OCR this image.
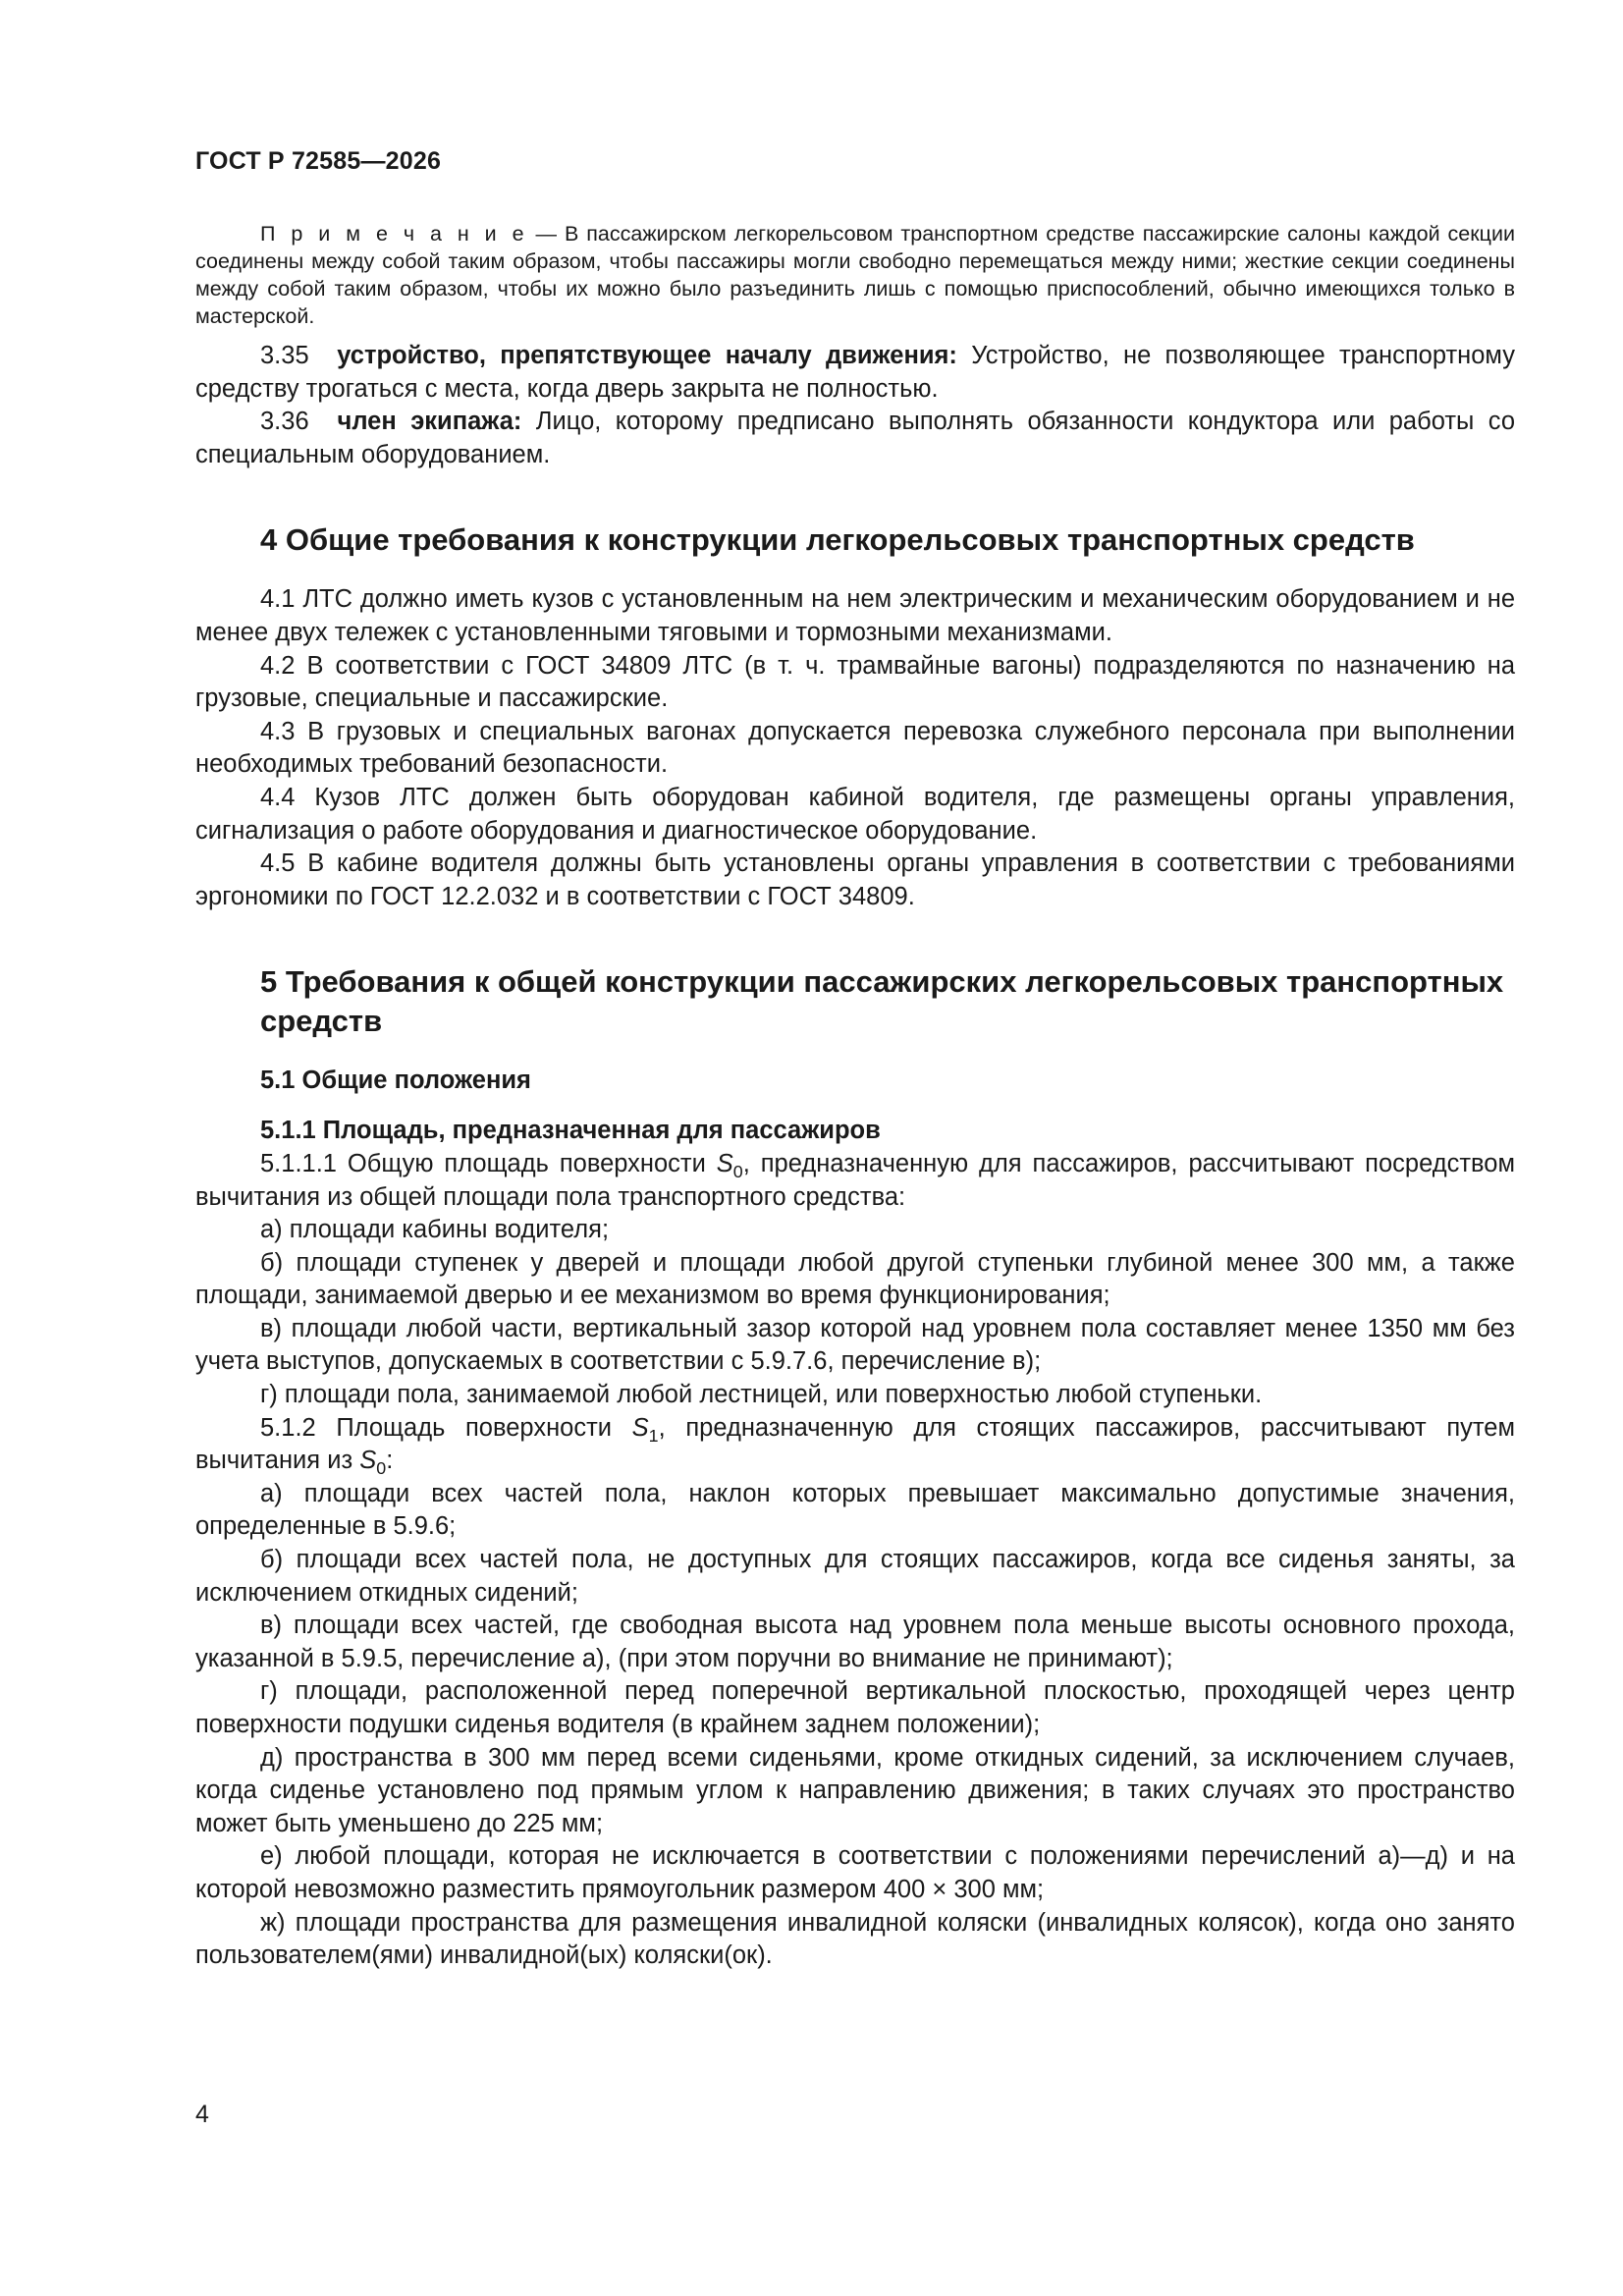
ГОСТ Р 72585—2026

П р и м е ч а н и е — В пассажирском легкорельсовом транспортном средстве пассажирские салоны каждой секции соединены между собой таким образом, чтобы пассажиры могли свободно перемещаться между ними; жесткие секции соединены между собой таким образом, чтобы их можно было разъединить лишь с помощью приспособлений, обычно имеющихся только в мастерской.

3.35 устройство, препятствующее началу движения: Устройство, не позволяющее транспортному средству трогаться с места, когда дверь закрыта не полностью.

3.36 член экипажа: Лицо, которому предписано выполнять обязанности кондуктора или работы со специальным оборудованием.

4 Общие требования к конструкции легкорельсовых транспортных средств

4.1 ЛТС должно иметь кузов с установленным на нем электрическим и механическим оборудованием и не менее двух тележек с установленными тяговыми и тормозными механизмами.

4.2 В соответствии с ГОСТ 34809 ЛТС (в т. ч. трамвайные вагоны) подразделяются по назначению на грузовые, специальные и пассажирские.

4.3 В грузовых и специальных вагонах допускается перевозка служебного персонала при выполнении необходимых требований безопасности.

4.4 Кузов ЛТС должен быть оборудован кабиной водителя, где размещены органы управления, сигнализация о работе оборудования и диагностическое оборудование.

4.5 В кабине водителя должны быть установлены органы управления в соответствии с требованиями эргономики по ГОСТ 12.2.032 и в соответствии с ГОСТ 34809.

5 Требования к общей конструкции пассажирских легкорельсовых транспортных средств
5.1 Общие положения
5.1.1 Площадь, предназначенная для пассажиров

5.1.1.1 Общую площадь поверхности $S_0$, предназначенную для пассажиров, рассчитывают посредством вычитания из общей площади пола транспортного средства:

а) площади кабины водителя;

б) площади ступенек у дверей и площади любой другой ступеньки глубиной менее 300 мм, а также площади, занимаемой дверью и ее механизмом во время функционирования;

в) площади любой части, вертикальный зазор которой над уровнем пола составляет менее 1350 мм без учета выступов, допускаемых в соответствии с 5.9.7.6, перечисление в);

г) площади пола, занимаемой любой лестницей, или поверхностью любой ступеньки.

5.1.2 Площадь поверхности $S_1$, предназначенную для стоящих пассажиров, рассчитывают путем вычитания из $S_0$:

а) площади всех частей пола, наклон которых превышает максимально допустимые значения, определенные в 5.9.6;

б) площади всех частей пола, не доступных для стоящих пассажиров, когда все сиденья заняты, за исключением откидных сидений;

в) площади всех частей, где свободная высота над уровнем пола меньше высоты основного прохода, указанной в 5.9.5, перечисление а), (при этом поручни во внимание не принимают);

г) площади, расположенной перед поперечной вертикальной плоскостью, проходящей через центр поверхности подушки сиденья водителя (в крайнем заднем положении);

д) пространства в 300 мм перед всеми сиденьями, кроме откидных сидений, за исключением случаев, когда сиденье установлено под прямым углом к направлению движения; в таких случаях это пространство может быть уменьшено до 225 мм;

е) любой площади, которая не исключается в соответствии с положениями перечислений а)—д) и на которой невозможно разместить прямоугольник размером 400 × 300 мм;

ж) площади пространства для размещения инвалидной коляски (инвалидных колясок), когда оно занято пользователем(ями) инвалидной(ых) коляски(ок).

4
